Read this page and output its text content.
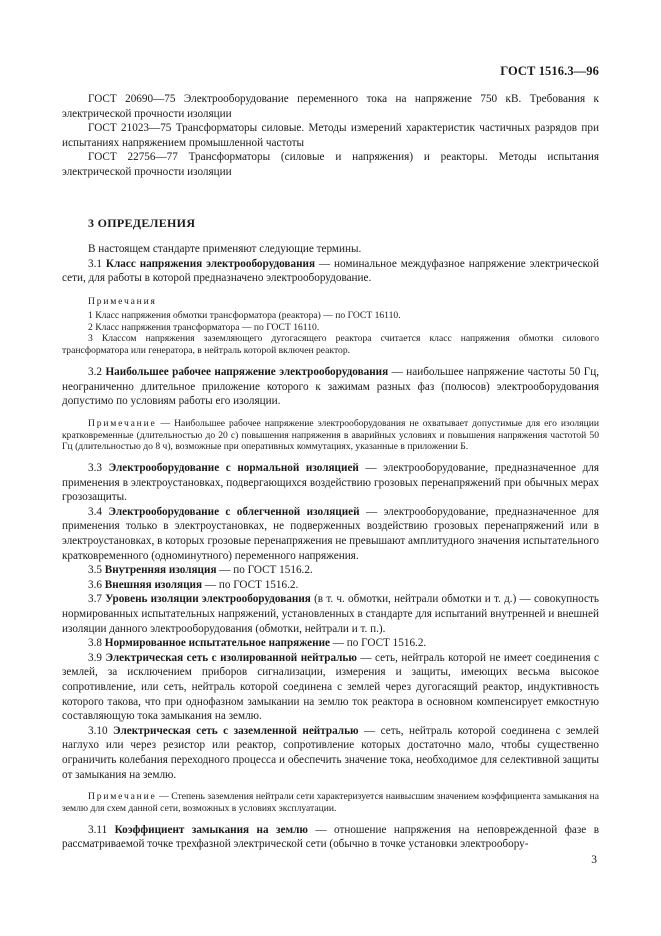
ГОСТ 1516.3—96

ГОСТ 20690—75 Электрооборудование переменного тока на напряжение 750 кВ. Требования к электрической прочности изоляции

ГОСТ 21023—75 Трансформаторы силовые. Методы измерений характеристик частичных разрядов при испытаниях напряжением промышленной частоты

ГОСТ 22756—77 Трансформаторы (силовые и напряжения) и реакторы. Методы испытания электрической прочности изоляции

3 ОПРЕДЕЛЕНИЯ

В настоящем стандарте применяют следующие термины.

3.1 Класс напряжения электрооборудования — номинальное междуфазное напряжение электрической сети, для работы в которой предназначено электрооборудование.

Примечания

1 Класс напряжения обмотки трансформатора (реактора) — по ГОСТ 16110.

2 Класс напряжения трансформатора — по ГОСТ 16110.

3 Классом напряжения заземляющего дугогасящего реактора считается класс напряжения обмотки силового трансформатора или генератора, в нейтраль которой включен реактор.

3.2 Наибольшее рабочее напряжение электрооборудования — наибольшее напряжение частоты 50 Гц, неограниченно длительное приложение которого к зажимам разных фаз (полюсов) электрооборудования допустимо по условиям работы его изоляции.

Примечание — Наибольшее рабочее напряжение электрооборудования не охватывает допустимые для его изоляции кратковременные (длительностью до 20 с) повышения напряжения в аварийных условиях и повышения напряжения частотой 50 Гц (длительностью до 8 ч), возможные при оперативных коммутациях, указанные в приложении Б.

3.3 Электрооборудование с нормальной изоляцией — электрооборудование, предназначенное для применения в электроустановках, подвергающихся воздействию грозовых перенапряжений при обычных мерах грозозащиты.

3.4 Электрооборудование с облегченной изоляцией — электрооборудование, предназначенное для применения только в электроустановках, не подверженных воздействию грозовых перенапряжений или в электроустановках, в которых грозовые перенапряжения не превышают амплитудного значения испытательного кратковременного (одноминутного) переменного напряжения.

3.5 Внутренняя изоляция — по ГОСТ 1516.2.

3.6 Внешняя изоляция — по ГОСТ 1516.2.

3.7 Уровень изоляции электрооборудования (в т. ч. обмотки, нейтрали обмотки и т. д.) — совокупность нормированных испытательных напряжений, установленных в стандарте для испытаний внутренней и внешней изоляции данного электрооборудования (обмотки, нейтрали и т. п.).

3.8 Нормированное испытательное напряжение — по ГОСТ 1516.2.

3.9 Электрическая сеть с изолированной нейтралью — сеть, нейтраль которой не имеет соединения с землей, за исключением приборов сигнализации, измерения и защиты, имеющих весьма высокое сопротивление, или сеть, нейтраль которой соединена с землей через дугогасящий реактор, индуктивность которого такова, что при однофазном замыкании на землю ток реактора в основном компенсирует емкостную составляющую тока замыкания на землю.

3.10 Электрическая сеть с заземленной нейтралью — сеть, нейтраль которой соединена с землей наглухо или через резистор или реактор, сопротивление которых достаточно мало, чтобы существенно ограничить колебания переходного процесса и обеспечить значение тока, необходимое для селективной защиты от замыкания на землю.

Примечание — Степень заземления нейтрали сети характеризуется наивысшим значением коэффициента замыкания на землю для схем данной сети, возможных в условиях эксплуатации.

3.11 Коэффициент замыкания на землю — отношение напряжения на неповрежденной фазе в рассматриваемой точке трехфазной электрической сети (обычно в точке установки электрообору-

3
